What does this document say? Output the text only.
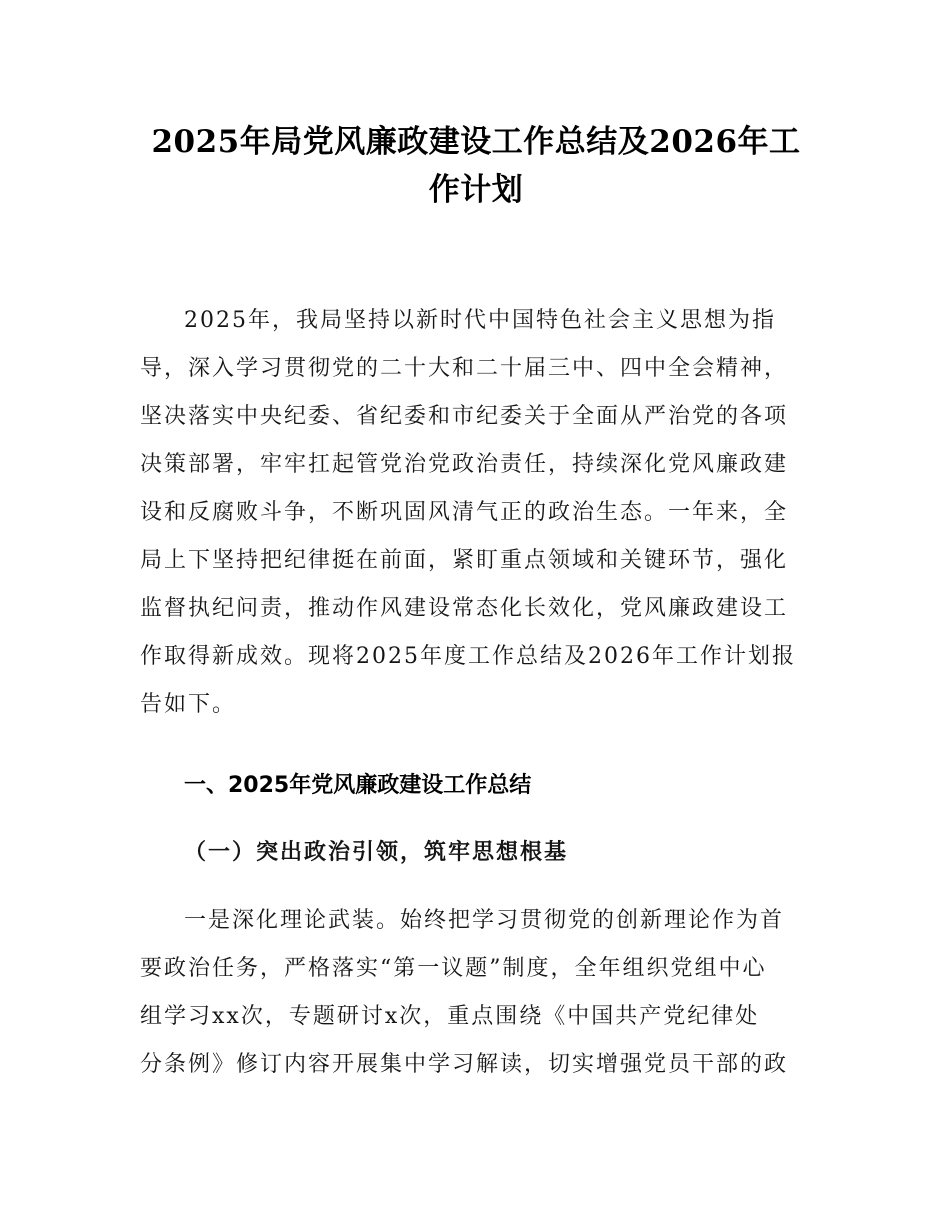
2025年局党风廉政建设工作总结及2026年工
作计划
2025年，我局坚持以新时代中国特色社会主义思想为指
导，深入学习贯彻党的二十大和二十届三中、四中全会精神，
坚决落实中央纪委、省纪委和市纪委关于全面从严治党的各项
决策部署，牢牢扛起管党治党政治责任，持续深化党风廉政建
设和反腐败斗争，不断巩固风清气正的政治生态。一年来，全
局上下坚持把纪律挺在前面，紧盯重点领域和关键环节，强化
监督执纪问责，推动作风建设常态化长效化，党风廉政建设工
作取得新成效。现将2025年度工作总结及2026年工作计划报
告如下。
一、2025年党风廉政建设工作总结
（一）突出政治引领，筑牢思想根基
一是深化理论武装。始终把学习贯彻党的创新理论作为首
要政治任务，严格落实“第一议题”制度，全年组织党组中心
组学习xx次，专题研讨x次，重点围绕《中国共产党纪律处
分条例》修订内容开展集中学习解读，切实增强党员干部的政
